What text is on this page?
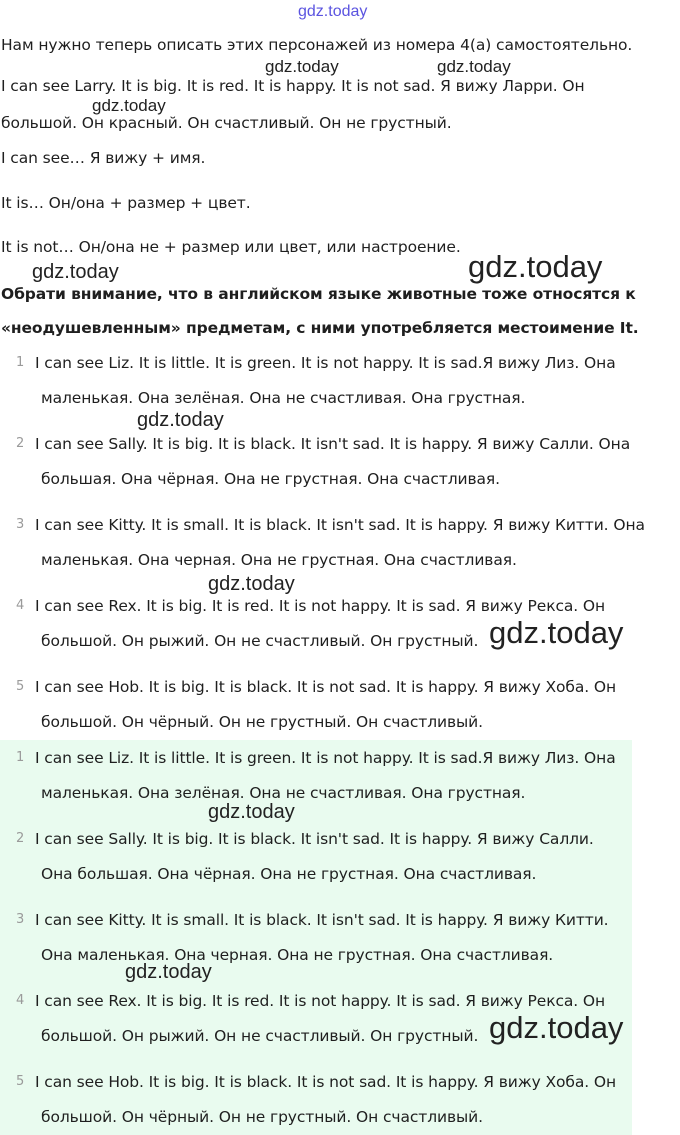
gdz.today
gdz.today	gdz.today
gdz.today
gdz.today	gdz.today
gdz.today
gdz.today
gdz.today
gdz.today
gdz.today
gdz.today
Нам нужно теперь описать этих персонажей из номера 4(a) самостоятельно.
I can see Larry. It is big. It is red. It is happy. It is not sad. Я вижу Ларри. Он
большой. Он красный. Он счастливый. Он не грустный.
I can see… Я вижу + имя.
It is… Он/она + размер + цвет.
It is not… Он/она не + размер или цвет, или настроение.
Обрати внимание, что в английском языке животные тоже относятся к
«неодушевленным» предметам, с ними употребляется местоимение It.
1 I can see Liz. It is little. It is green. It is not happy. It is sad.Я вижу Лиз. Она
маленькая. Она зелёная. Она не счастливая. Она грустная.
2 I can see Sally. It is big. It is black. It isn't sad. It is happy. Я вижу Салли. Она
большая. Она чёрная. Она не грустная. Она счастливая.
3 I can see Kitty. It is small. It is black. It isn't sad. It is happy. Я вижу Китти. Она
маленькая. Она черная. Она не грустная. Она счастливая.
4 I can see Rex. It is big. It is red. It is not happy. It is sad. Я вижу Рекса. Он
большой. Он рыжий. Он не счастливый. Он грустный.
5 I can see Hob. It is big. It is black. It is not sad. It is happy. Я вижу Хоба. Он
большой. Он чёрный. Он не грустный. Он счастливый.
1 I can see Liz. It is little. It is green. It is not happy. It is sad.Я вижу Лиз. Она
маленькая. Она зелёная. Она не счастливая. Она грустная.
2 I can see Sally. It is big. It is black. It isn't sad. It is happy. Я вижу Салли.
Она большая. Она чёрная. Она не грустная. Она счастливая.
3 I can see Kitty. It is small. It is black. It isn't sad. It is happy. Я вижу Китти.
Она маленькая. Она черная. Она не грустная. Она счастливая.
4 I can see Rex. It is big. It is red. It is not happy. It is sad. Я вижу Рекса. Он
большой. Он рыжий. Он не счастливый. Он грустный.
5 I can see Hob. It is big. It is black. It is not sad. It is happy. Я вижу Хоба. Он
большой. Он чёрный. Он не грустный. Он счастливый.
